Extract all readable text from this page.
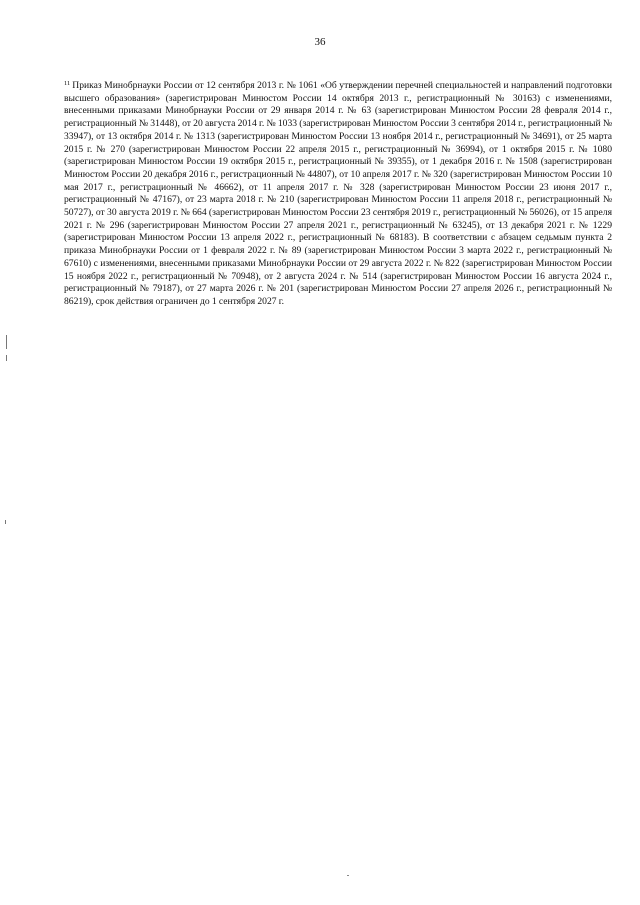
36

$^{11}$ Приказ Минобрнауки России от 12 сентября 2013 г. № 1061 «Об утверждении перечней специальностей и направлений подготовки высшего образования» (зарегистрирован Минюстом России 14 октября 2013 г., регистрационный № 30163) с изменениями, внесенными приказами Минобрнауки России от 29 января 2014 г. № 63 (зарегистрирован Минюстом России 28 февраля 2014 г., регистрационный № 31448), от 20 августа 2014 г. № 1033 (зарегистрирован Минюстом России 3 сентября 2014 г., регистрационный № 33947), от 13 октября 2014 г. № 1313 (зарегистрирован Минюстом России 13 ноября 2014 г., регистрационный № 34691), от 25 марта 2015 г. № 270 (зарегистрирован Минюстом России 22 апреля 2015 г., регистрационный № 36994), от 1 октября 2015 г. № 1080 (зарегистрирован Минюстом России 19 октября 2015 г., регистрационный № 39355), от 1 декабря 2016 г. № 1508 (зарегистрирован Минюстом России 20 декабря 2016 г., регистрационный № 44807), от 10 апреля 2017 г. № 320 (зарегистрирован Минюстом России 10 мая 2017 г., регистрационный № 46662), от 11 апреля 2017 г. № 328 (зарегистрирован Минюстом России 23 июня 2017 г., регистрационный № 47167), от 23 марта 2018 г. № 210 (зарегистрирован Минюстом России 11 апреля 2018 г., регистрационный № 50727), от 30 августа 2019 г. № 664 (зарегистрирован Минюстом России 23 сентября 2019 г., регистрационный № 56026), от 15 апреля 2021 г. № 296 (зарегистрирован Минюстом России 27 апреля 2021 г., регистрационный № 63245), от 13 декабря 2021 г. № 1229 (зарегистрирован Минюстом России 13 апреля 2022 г., регистрационный № 68183). В соответствии с абзацем седьмым пункта 2 приказа Минобрнауки России от 1 февраля 2022 г. № 89 (зарегистрирован Минюстом России 3 марта 2022 г., регистрационный № 67610) с изменениями, внесенными приказами Минобрнауки России от 29 августа 2022 г. № 822 (зарегистрирован Минюстом России 15 ноября 2022 г., регистрационный № 70948), от 2 августа 2024 г. № 514 (зарегистрирован Минюстом России 16 августа 2024 г., регистрационный № 79187), от 27 марта 2026 г. № 201 (зарегистрирован Минюстом России 27 апреля 2026 г., регистрационный № 86219), срок действия ограничен до 1 сентября 2027 г.
